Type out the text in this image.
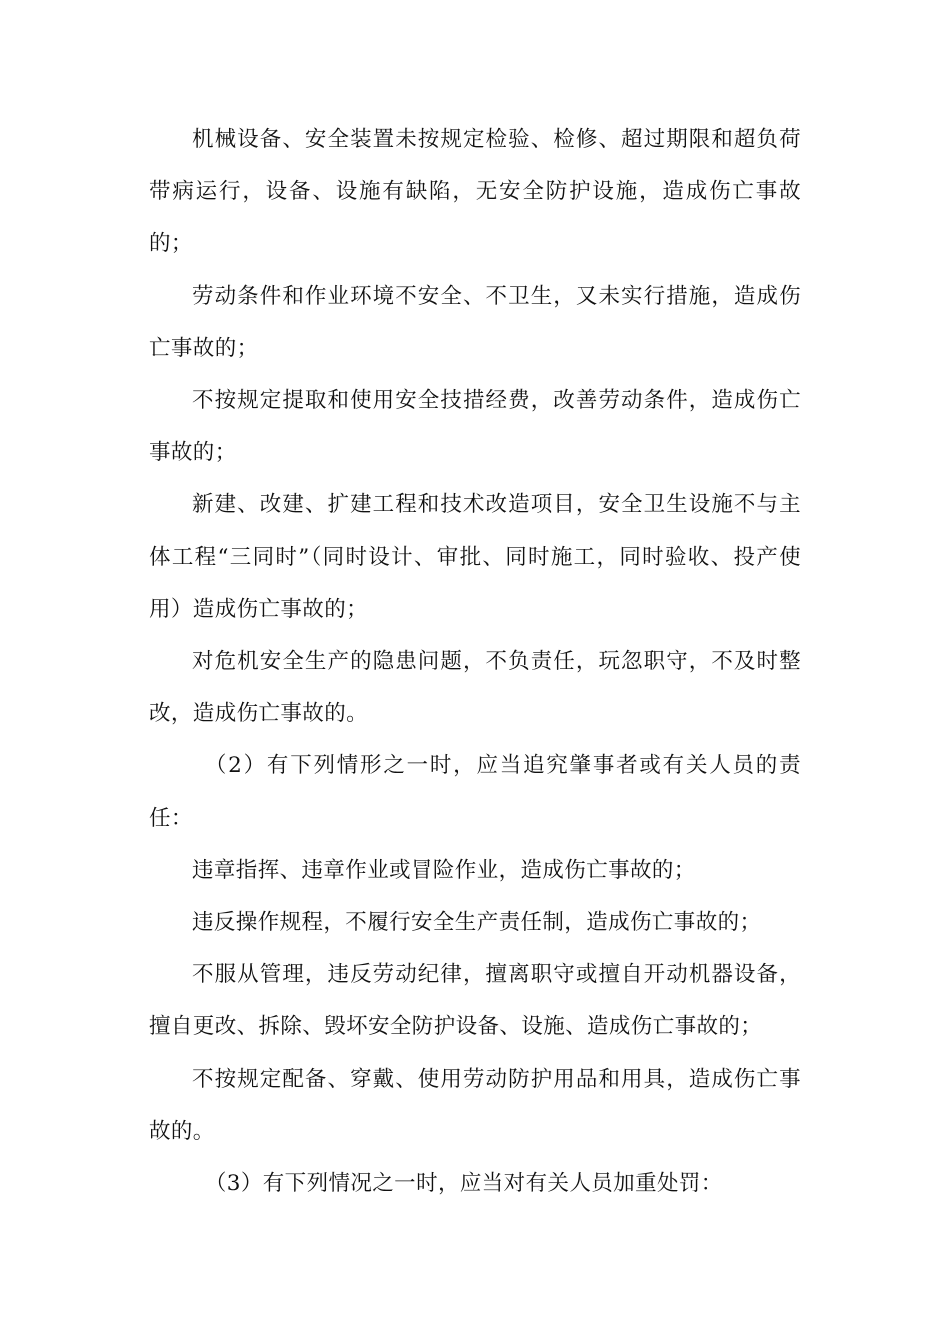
机械设备、安全装置未按规定检验、检修、超过期限和超负荷带病运行，设备、设施有缺陷，无安全防护设施，造成伤亡事故的；

劳动条件和作业环境不安全、不卫生，又未实行措施，造成伤亡事故的；

不按规定提取和使用安全技措经费，改善劳动条件，造成伤亡事故的；

新建、改建、扩建工程和技术改造项目，安全卫生设施不与主体工程“三同时”（同时设计、审批、同时施工，同时验收、投产使用）造成伤亡事故的；

对危机安全生产的隐患问题，不负责任，玩忽职守，不及时整改，造成伤亡事故的。

（2）有下列情形之一时，应当追究肇事者或有关人员的责任：

违章指挥、违章作业或冒险作业，造成伤亡事故的；

违反操作规程，不履行安全生产责任制，造成伤亡事故的；

不服从管理，违反劳动纪律，擅离职守或擅自开动机器设备，擅自更改、拆除、毁坏安全防护设备、设施、造成伤亡事故的；

不按规定配备、穿戴、使用劳动防护用品和用具，造成伤亡事故的。

（3）有下列情况之一时，应当对有关人员加重处罚：
